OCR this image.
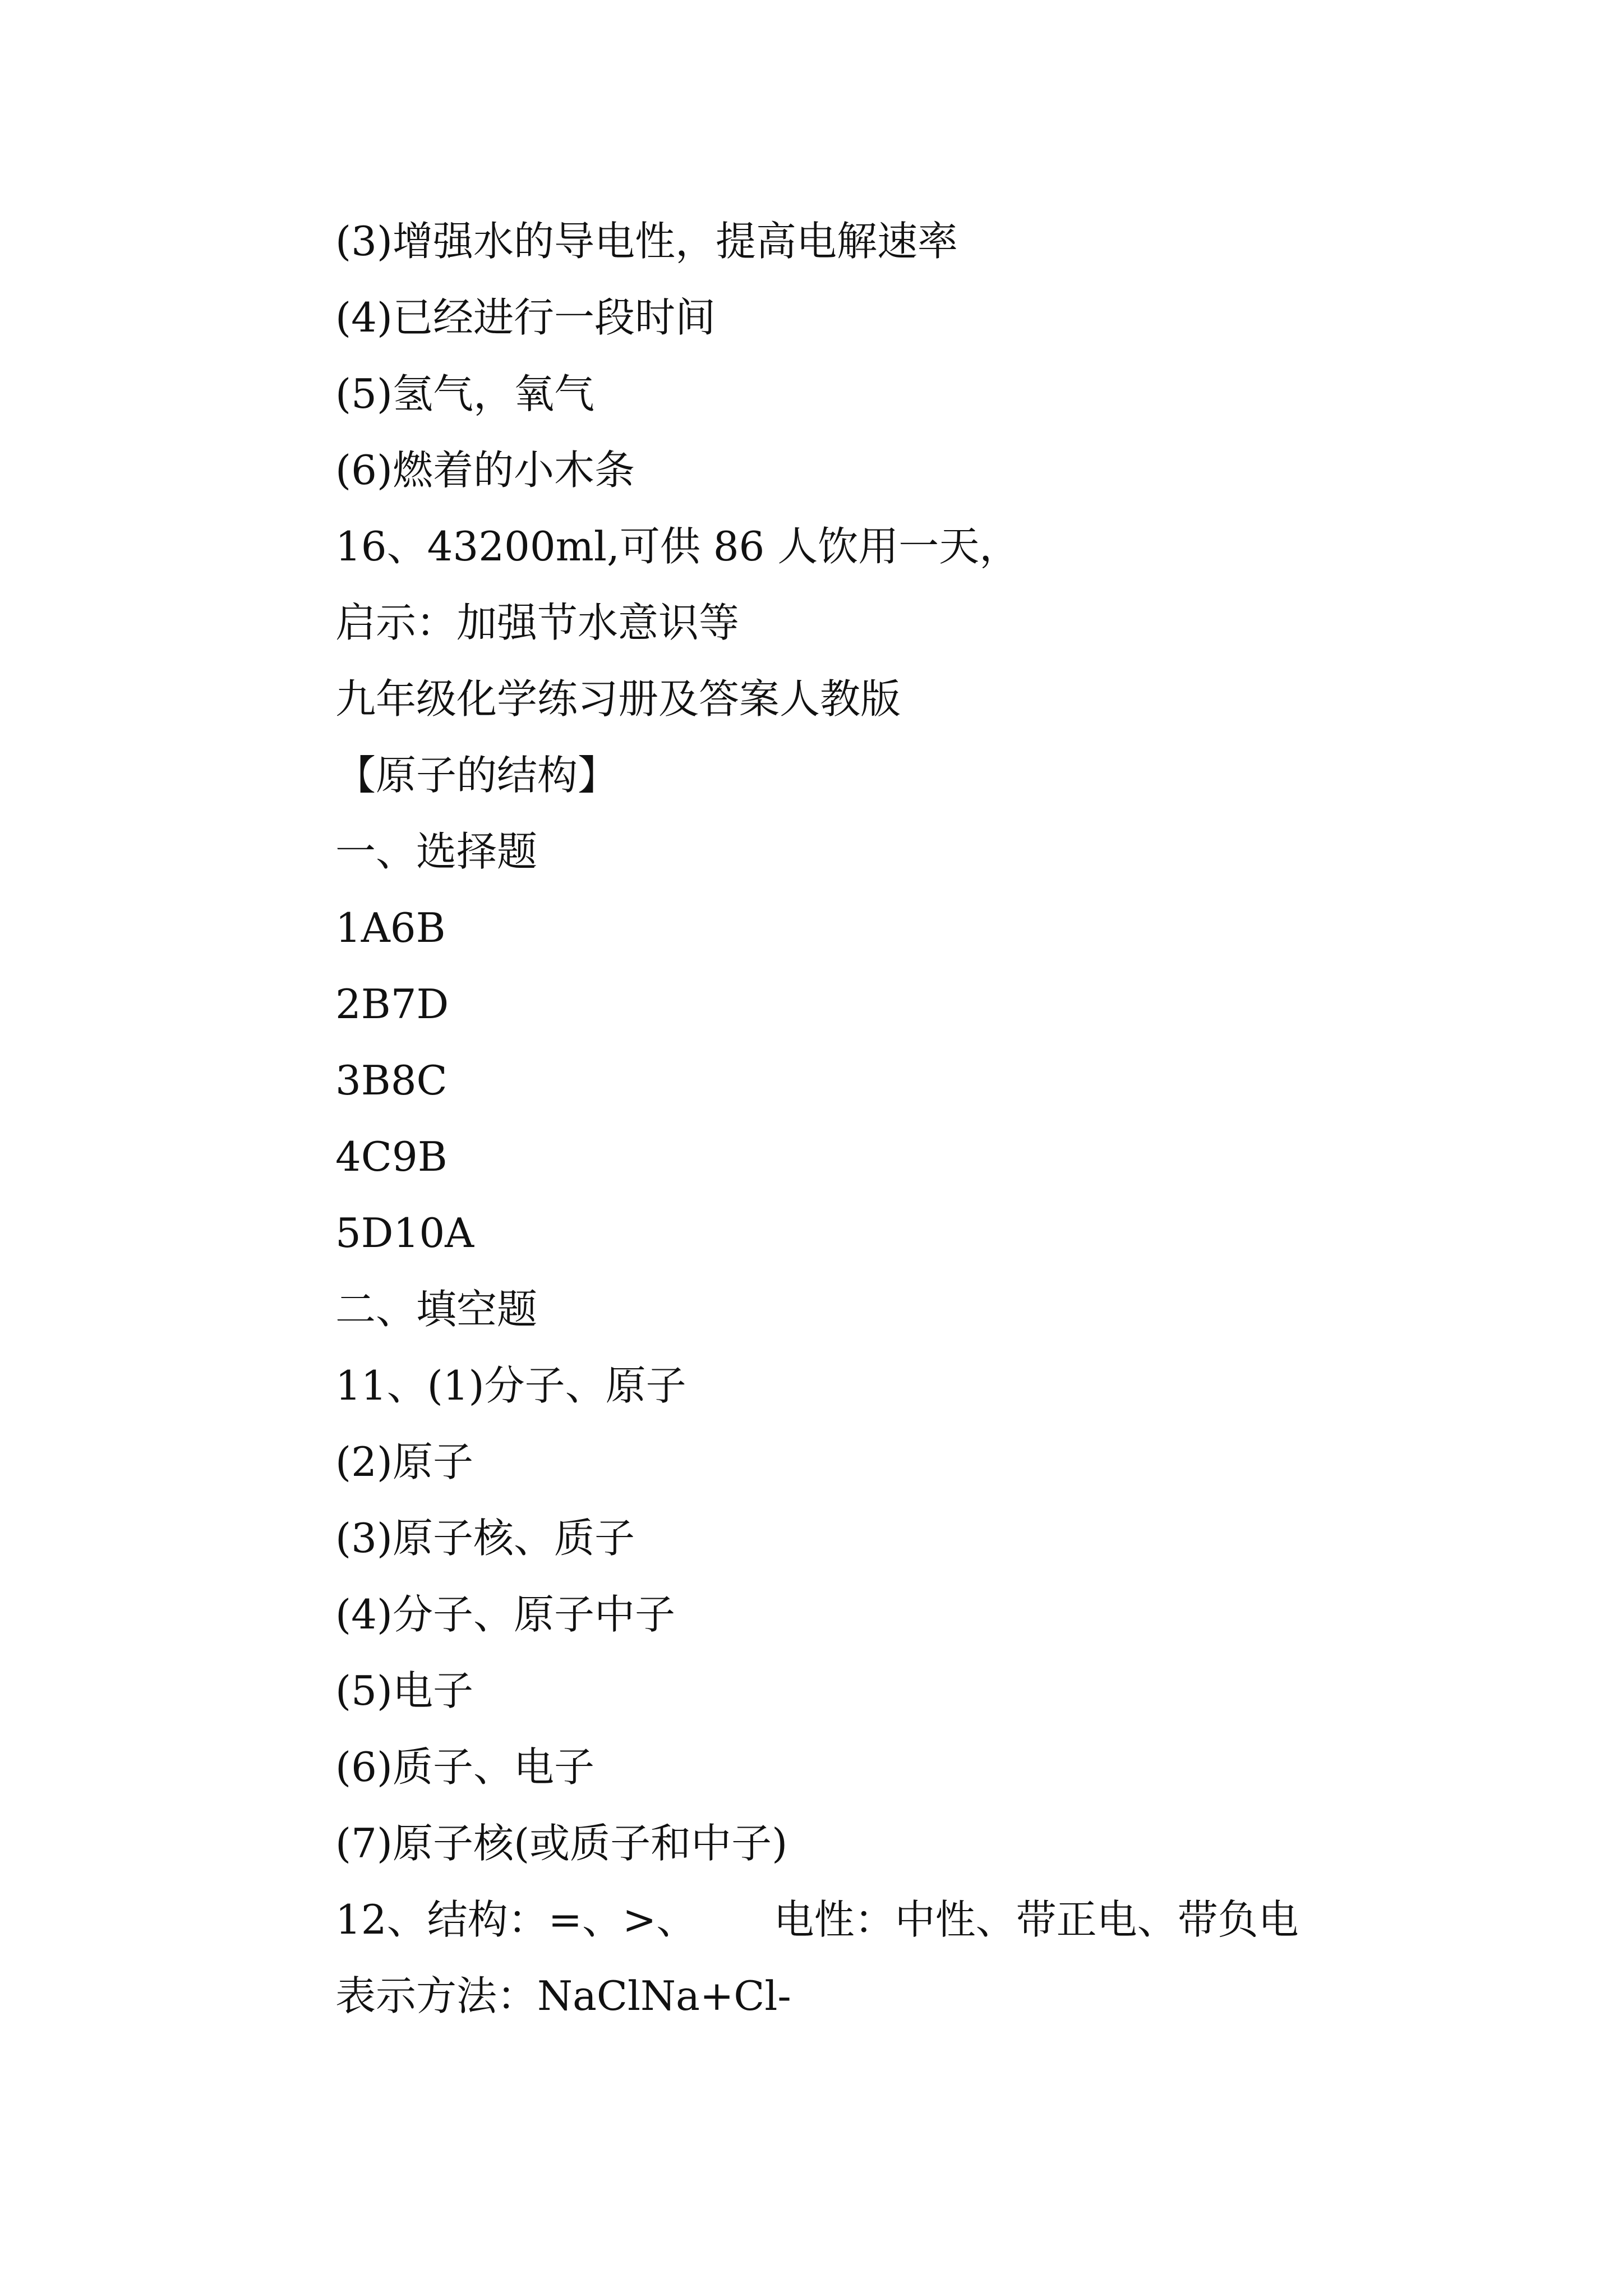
(3)增强水的导电性，提高电解速率

(4)已经进行一段时间

(5)氢气，氧气

(6)燃着的小木条

16、43200ml,可供 86 人饮用一天，

启示：加强节水意识等

九年级化学练习册及答案人教版

【原子的结构】

一、选择题

1A6B

2B7D

3B8C

4C9B

5D10A

二、填空题

11、(1)分子、原子

(2)原子

(3)原子核、质子

(4)分子、原子中子

(5)电子

(6)质子、电子

(7)原子核(或质子和中子)

12、结构：=、>、      电性：中性、带正电、带负电

表示方法：NaClNa+Cl-
